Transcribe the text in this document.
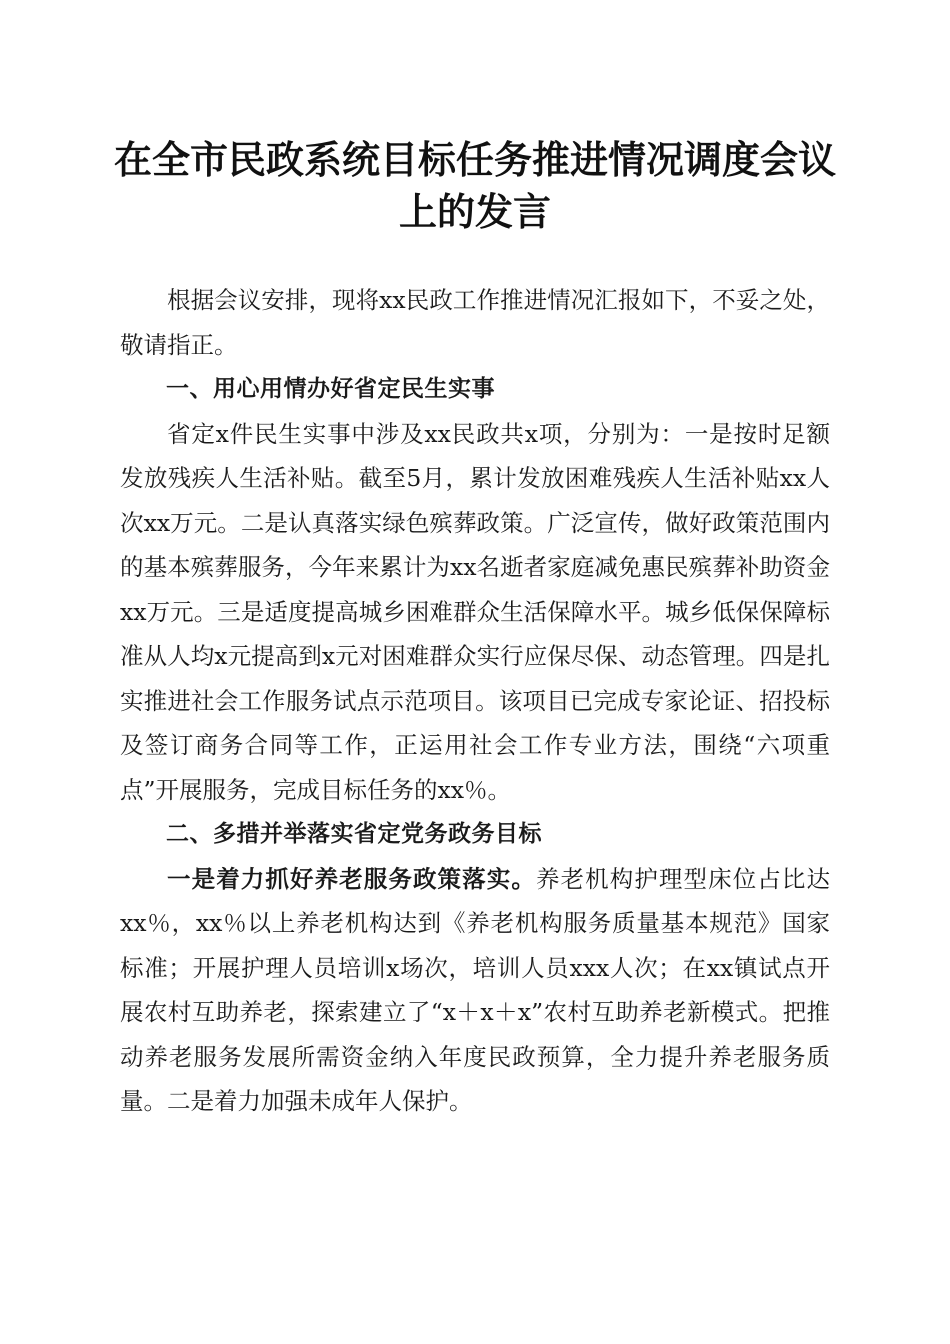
在全市民政系统目标任务推进情况调度会议上的发言

根据会议安排，现将xx民政工作推进情况汇报如下，不妥之处，敬请指正。

一、用心用情办好省定民生实事

省定x件民生实事中涉及xx民政共x项，分别为：一是按时足额发放残疾人生活补贴。截至5月，累计发放困难残疾人生活补贴xx人次xx万元。二是认真落实绿色殡葬政策。广泛宣传，做好政策范围内的基本殡葬服务，今年来累计为xx名逝者家庭减免惠民殡葬补助资金xx万元。三是适度提高城乡困难群众生活保障水平。城乡低保保障标准从人均x元提高到x元对困难群众实行应保尽保、动态管理。四是扎实推进社会工作服务试点示范项目。该项目已完成专家论证、招投标及签订商务合同等工作，正运用社会工作专业方法，围绕“六项重点”开展服务，完成目标任务的xx％。

二、多措并举落实省定党务政务目标

一是着力抓好养老服务政策落实。养老机构护理型床位占比达xx％，xx％以上养老机构达到《养老机构服务质量基本规范》国家标准；开展护理人员培训x场次，培训人员xxx人次；在xx镇试点开展农村互助养老，探索建立了“x＋x＋x”农村互助养老新模式。把推动养老服务发展所需资金纳入年度民政预算，全力提升养老服务质量。二是着力加强未成年人保护。
